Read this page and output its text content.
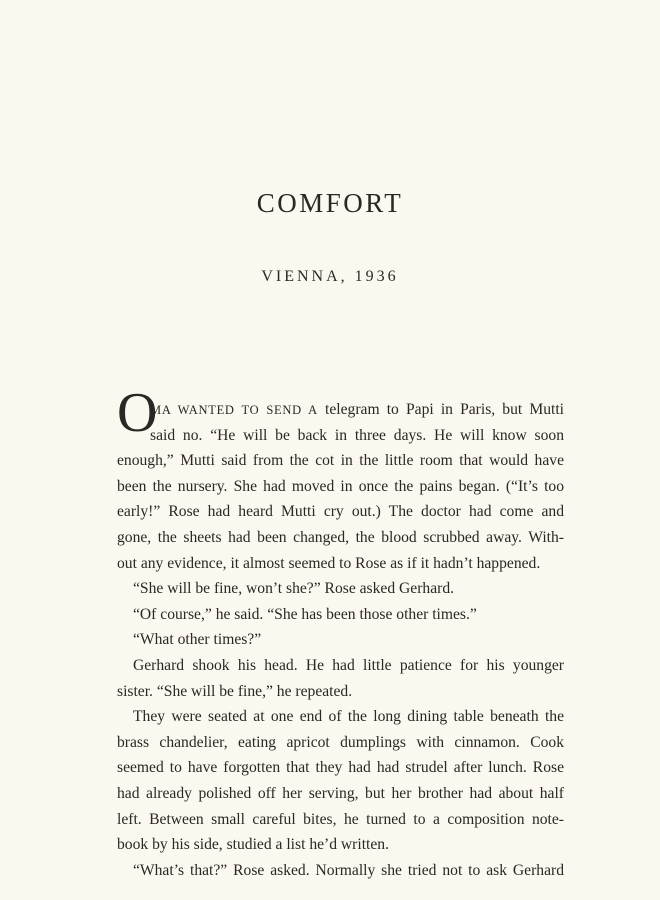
COMFORT
VIENNA, 1936
O
MA WANTED TO SEND A telegram to Papi in Paris, but Mutti
said no. “He will be back in three days. He will know soon
enough,” Mutti said from the cot in the little room that would have
been the nursery. She had moved in once the pains began. (“It’s too
early!” Rose had heard Mutti cry out.) The doctor had come and
gone, the sheets had been changed, the blood scrubbed away. With-
out any evidence, it almost seemed to Rose as if it hadn’t happened.
“She will be fine, won’t she?” Rose asked Gerhard.
“Of course,” he said. “She has been those other times.”
“What other times?”
Gerhard shook his head. He had little patience for his younger
sister. “She will be fine,” he repeated.
They were seated at one end of the long dining table beneath the
brass chandelier, eating apricot dumplings with cinnamon. Cook
seemed to have forgotten that they had had strudel after lunch. Rose
had already polished off her serving, but her brother had about half
left. Between small careful bites, he turned to a composition note-
book by his side, studied a list he’d written.
“What’s that?” Rose asked. Normally she tried not to ask Gerhard
